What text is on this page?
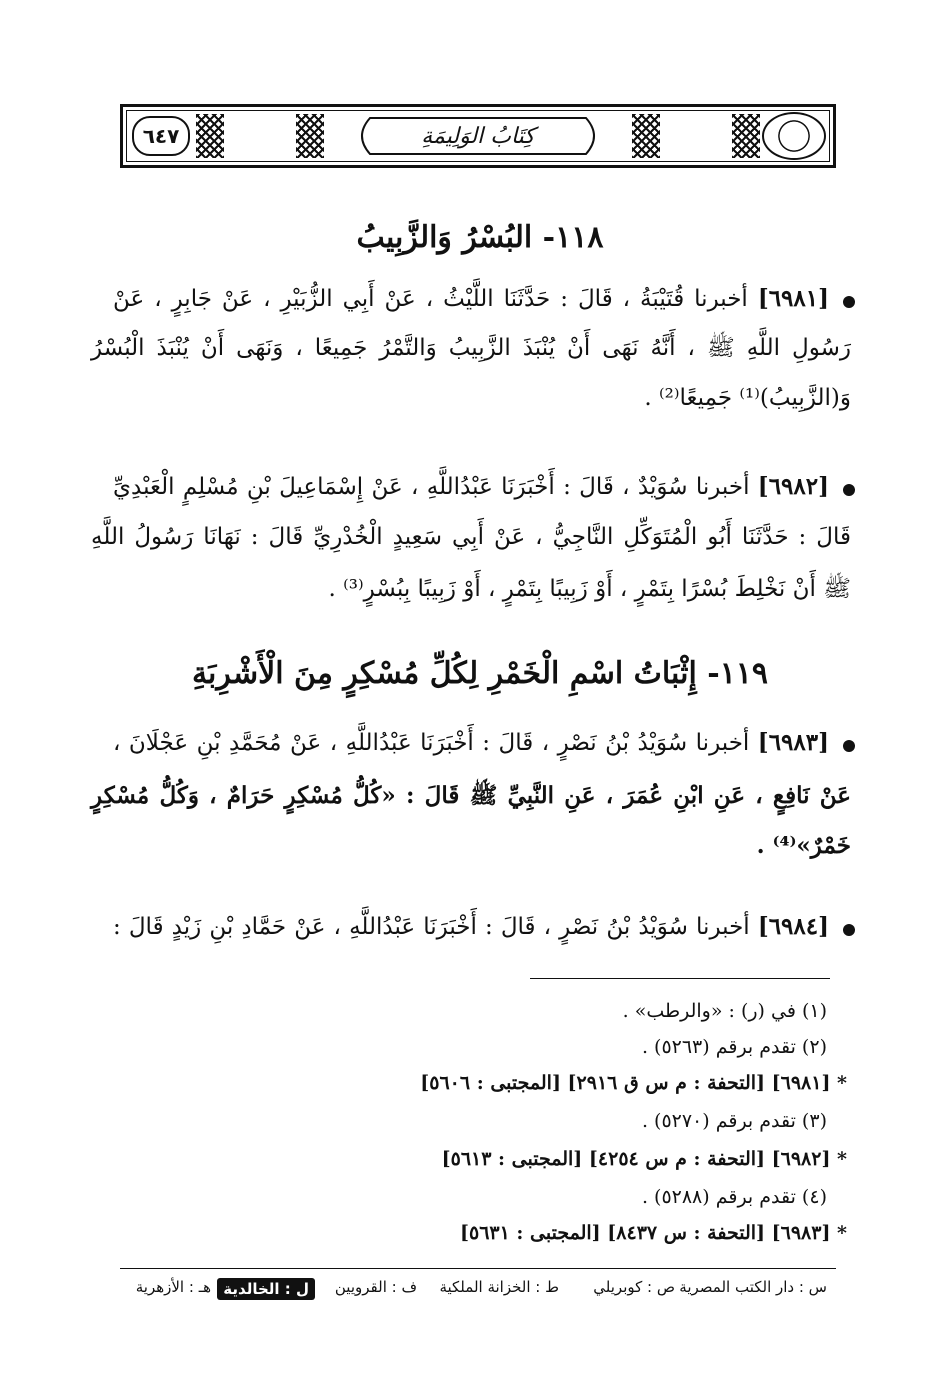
٦٤٧	كِتَابُ الوَلِيمَةِ
١١٨- البُسْرُ وَالزَّبِيبُ
[٦٩٨١] أخبرنا قُتَيْبَةُ ، قَالَ : حَدَّثَنَا اللَّيْثُ ، عَنْ أَبِي الزُّبَيْرِ ، عَنْ جَابِرٍ ، عَنْ
رَسُولِ اللَّهِ ﷺ ، أَنَّهُ نَهَى أَنْ يُنْبَذَ الزَّبِيبُ وَالتَّمْرُ جَمِيعًا ، وَنَهَى أَنْ يُنْبَذَ الْبُسْرُ
وَ(الزَّبِيبُ)⁽¹⁾ جَمِيعًا⁽²⁾ .
[٦٩٨٢] أخبرنا سُوَيْدٌ ، قَالَ : أَخْبَرَنَا عَبْدُاللَّهِ ، عَنْ إِسْمَاعِيلَ بْنِ مُسْلِمٍ الْعَبْدِيِّ
قَالَ : حَدَّثَنَا أَبُو الْمُتَوَكِّلِ النَّاجِيُّ ، عَنْ أَبِي سَعِيدٍ الْخُدْرِيِّ قَالَ : نَهَانَا رَسُولُ اللَّهِ
ﷺ أَنْ نَخْلِطَ بُسْرًا بِتَمْرٍ ، أَوْ زَبِيبًا بِتَمْرٍ ، أَوْ زَبِيبًا بِبُسْرٍ⁽³⁾ .
١١٩- إِثْبَاتُ اسْمِ الْخَمْرِ لِكُلِّ مُسْكِرٍ مِنَ الْأَشْرِبَةِ
[٦٩٨٣] أخبرنا سُوَيْدُ بْنُ نَصْرٍ ، قَالَ : أَخْبَرَنَا عَبْدُاللَّهِ ، عَنْ مُحَمَّدِ بْنِ عَجْلَانَ ،
عَنْ نَافِعٍ ، عَنِ ابْنِ عُمَرَ ، عَنِ النَّبِيِّ ﷺ قَالَ : «كُلُّ مُسْكِرٍ حَرَامٌ ، وَكُلُّ مُسْكِرٍ
خَمْرٌ»⁽⁴⁾ .
[٦٩٨٤] أخبرنا سُوَيْدُ بْنُ نَصْرٍ ، قَالَ : أَخْبَرَنَا عَبْدُاللَّهِ ، عَنْ حَمَّادِ بْنِ زَيْدٍ قَالَ :
(١) في (ر) : «والرطب» .
(٢) تقدم برقم (٥٢٦٣) .
* [٦٩٨١] [التحفة : م س ق ٢٩١٦] [المجتبى : ٥٦٠٦]
(٣) تقدم برقم (٥٢٧٠) .
* [٦٩٨٢] [التحفة : م س ٤٢٥٤] [المجتبى : ٥٦١٣]
(٤) تقدم برقم (٥٢٨٨) .
* [٦٩٨٣] [التحفة : س ٨٤٣٧] [المجتبى : ٥٦٣١]
س : دار الكتب المصرية
ص : كوبريلي
ط : الخزانة الملكية
ف : القرويين
ل : الخالدية
هـ : الأزهرية
